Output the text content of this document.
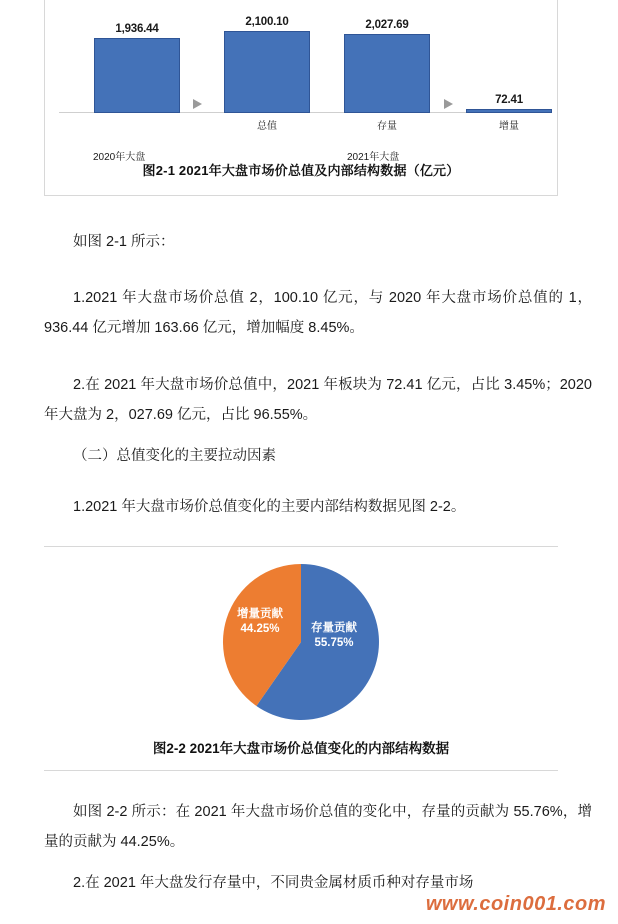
1,936.44
2,100.10	2,027.69
72.41
总值	存量	增量
2020年大盘	2021年大盘
图2-1 2021年大盘市场价总值及内部结构数据（亿元）
如图 2-1 所示：
1.2021 年大盘市场价总值 2，100.10 亿元，与 2020 年大盘市场价总值的 1，936.44 亿元增加 163.66 亿元，增加幅度 8.45%。
2.在 2021 年大盘市场价总值中，2021 年板块为 72.41 亿元，占比 3.45%；2020 年大盘为 2，027.69 亿元，占比 96.55%。
（二）总值变化的主要拉动因素
1.2021 年大盘市场价总值变化的主要内部结构数据见图 2-2。
存量贡献
55.75%
增量贡献
44.25%
图2-2 2021年大盘市场价总值变化的内部结构数据
如图 2-2 所示：在 2021 年大盘市场价总值的变化中，存量的贡献为 55.76%，增量的贡献为 44.25%。
2.在 2021 年大盘发行存量中，不同贵金属材质币种对存量市场
www.coin001.com
